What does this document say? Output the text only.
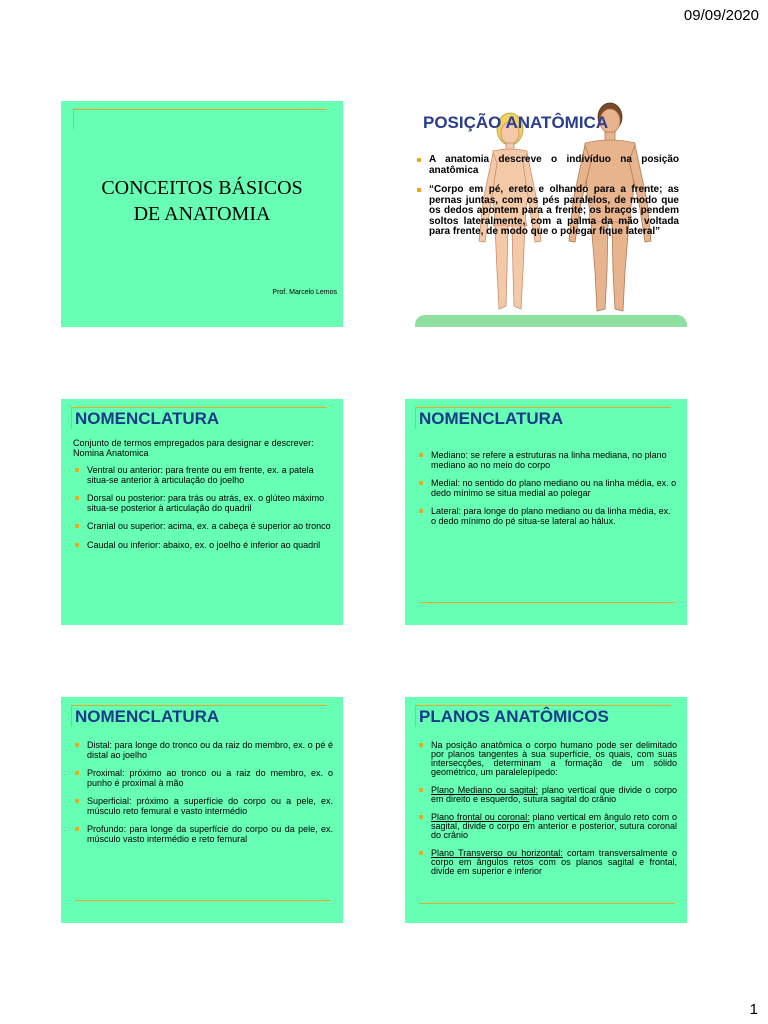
09/09/2020
CONCEITOS BÁSICOS
DE ANATOMIA
Prof. Marcelo Lemos
POSIÇÃO ANATÔMICA
A anatomia descreve o indivíduo na posição anatômica
“Corpo em pé, ereto e olhando para a frente; as pernas juntas, com os pés paralelos, de modo que os dedos apontem para a frente; os braços pendem soltos lateralmente, com a palma da mão voltada para frente, de modo que o polegar fique lateral”
NOMENCLATURA

Conjunto de termos empregados para designar e descrever: Nomina Anatomica

Ventral ou anterior: para frente ou em frente, ex. a patela situa-se anterior à articulação do joelho
Dorsal ou posterior: para trás ou atrás, ex. o glúteo máximo situa-se posterior à articulação do quadril
Cranial ou superior: acima, ex. a cabeça é superior ao tronco
Caudal ou inferior: abaixo, ex. o joelho é inferior ao quadril
NOMENCLATURA
Mediano: se refere a estruturas na linha mediana, no plano mediano ao no meio do corpo
Medial: no sentido do plano mediano ou na linha média, ex. o dedo mínimo se situa medial ao polegar
Lateral: para longe do plano mediano ou da linha média, ex. o dedo mínimo do pé situa-se lateral ao hálux.
NOMENCLATURA
Distal: para longe do tronco ou da raiz do membro, ex. o pé é distal ao joelho
Proximal: próximo ao tronco ou a raiz do membro, ex. o punho é proximal à mão
Superficial: próximo a superfície do corpo ou a pele, ex. músculo reto femural e vasto intermédio
Profundo: para longe da superfície do corpo ou da pele, ex. músculo vasto intermédio e reto femural
PLANOS ANATÔMICOS
Na posição anatômica o corpo humano pode ser delimitado por planos tangentes à sua superfície, os quais, com suas intersecções, determinam a formação de um sólido geométrico, um paralelepípedo:
Plano Mediano ou sagital: plano vertical que divide o corpo em direito e esquerdo, sutura sagital do crânio
Plano frontal ou coronal: plano vertical em ângulo reto com o sagital, divide o corpo em anterior e posterior, sutura coronal do crânio
Plano Transverso ou horizontal: cortam transversalmente o corpo em ângulos retos com os planos sagital e frontal, divide em superior e inferior
1
